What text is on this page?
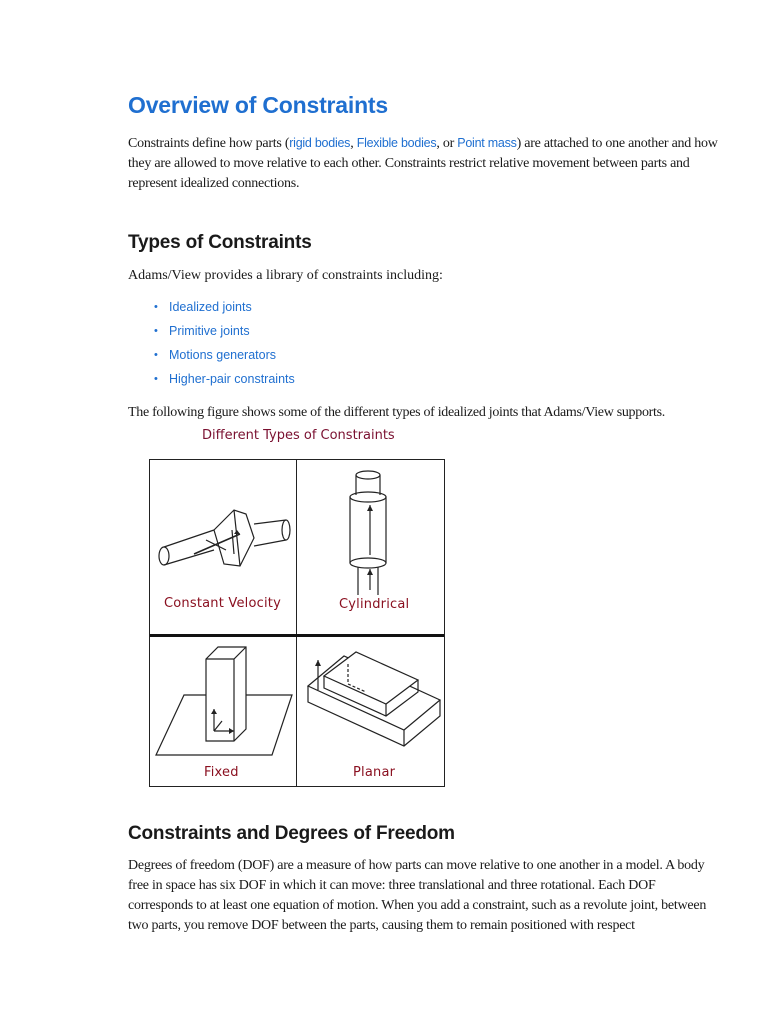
Overview of Constraints

Constraints define how parts (rigid bodies, Flexible bodies, or Point mass) are attached to one another and how they are allowed to move relative to each other. Constraints restrict relative movement between parts and represent idealized connections.

Types of Constraints

Adams/View provides a library of constraints including:

• Idealized joints
• Primitive joints
• Motions generators
• Higher-pair constraints

The following figure shows some of the different types of idealized joints that Adams/View supports.

Different Types of Constraints
Constant Velocity	Cylindrical
Fixed	Planar
Constraints and Degrees of Freedom

Degrees of freedom (DOF) are a measure of how parts can move relative to one another in a model. A body free in space has six DOF in which it can move: three translational and three rotational. Each DOF corresponds to at least one equation of motion. When you add a constraint, such as a revolute joint, between two parts, you remove DOF between the parts, causing them to remain positioned with respect
